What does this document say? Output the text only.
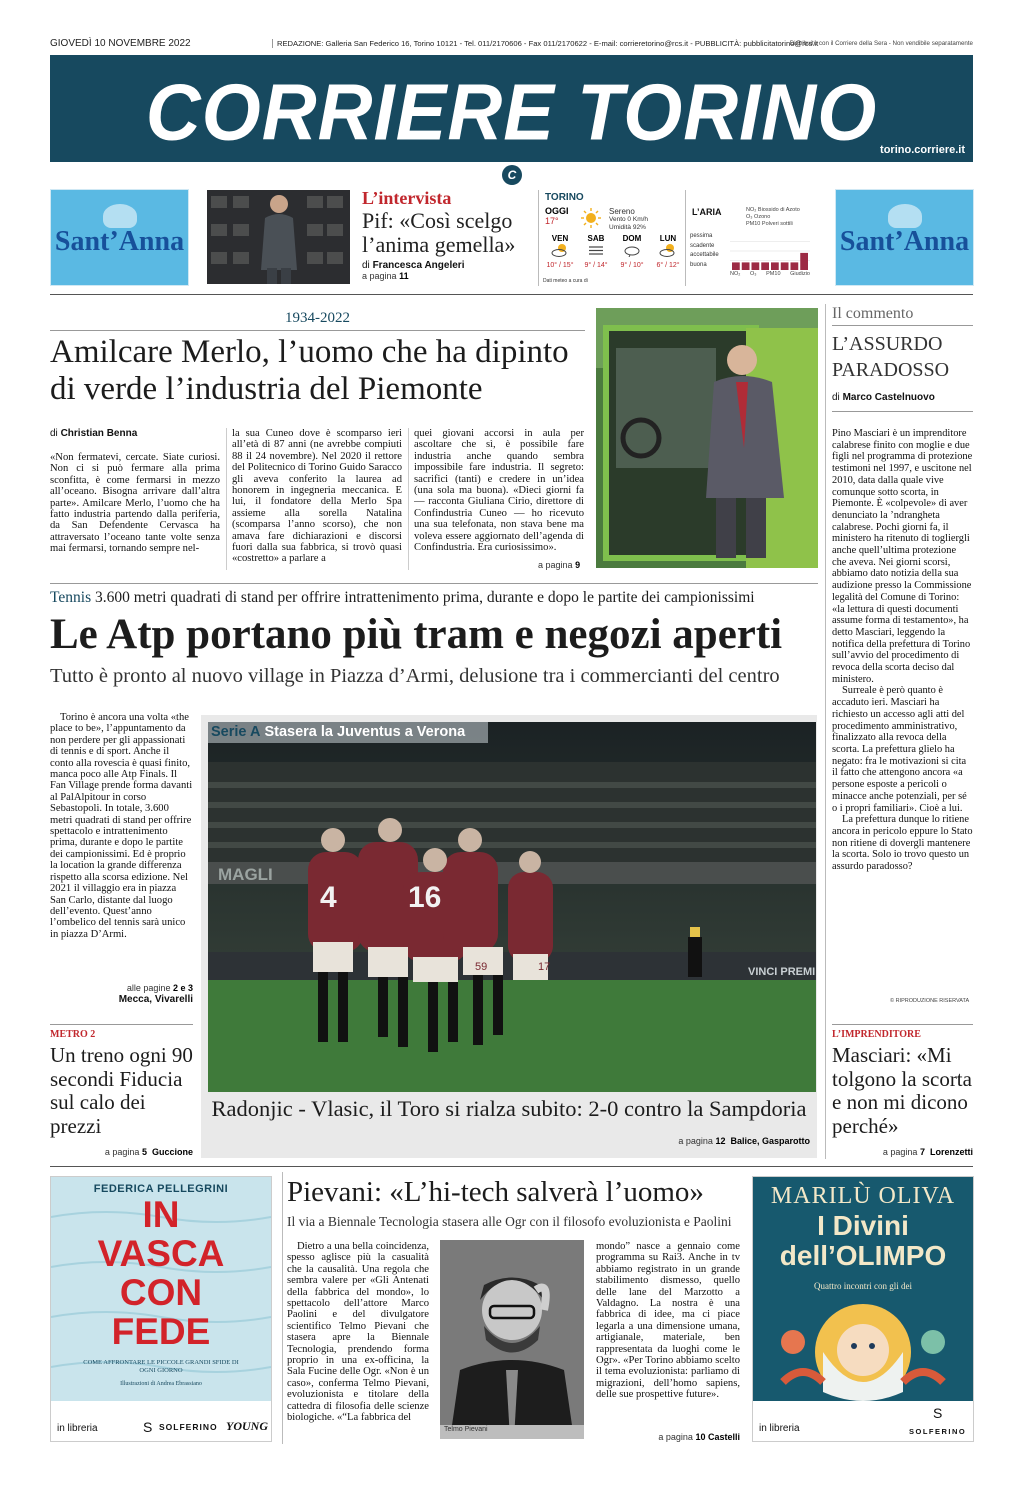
GIOVEDÌ 10 NOVEMBRE 2022	REDAZIONE: Galleria San Federico 16, Torino 10121 - Tel. 011/2170606 - Fax 011/2170622 - E-mail: corrieretorino@rcs.it - PUBBLICITÀ: pubblicitatorino@rcs.it
Distribuito con il Corriere della Sera - Non vendibile separatamente
CORRIERE TORINO torino.corriere.it
C
Sant’Anna
L’intervista
Pif: «Così scelgo l’anima gemella»
di Francesca Angeleri
a pagina 11
TORINO
OGGI
17°
Sereno
Vento 0 Km/h
Umidità 92%
VEN
10° / 15°
SAB
9° / 14°
DOM
9° / 10°
LUN
6° / 12°
Dati meteo a cura di
L’ARIA	NO₂ Biossido di Azoto
O₃ Ozono
PM10 Polveri sottili
pessima
scadente
accettabile
buona
NO₂ O₃ PM10 Giudizio
Sant’Anna
1934-2022
Amilcare Merlo, l’uomo che ha dipinto di verde l’industria del Piemonte
di Christian Benna
«Non fermatevi, cercate. Siate curiosi. Non ci si può fermare alla prima sconfitta, è come fermarsi in mezzo all’oceano. Bisogna arrivare dall’altra parte». Amilcare Merlo, l’uomo che ha fatto industria partendo dalla periferia, da San Defendente Cervasca ha attraversato l’oceano tante volte senza mai fermarsi, tornando sempre nel-
la sua Cuneo dove è scomparso ieri all’età di 87 anni (ne avrebbe compiuti 88 il 24 novembre). Nel 2020 il rettore del Politecnico di Torino Guido Saracco gli aveva conferito la laurea ad honorem in ingegneria meccanica. E lui, il fondatore della Merlo Spa assieme alla sorella Natalina (scomparsa l’anno scorso), che non amava fare dichiarazioni e discorsi fuori dalla sua fabbrica, si trovò quasi «costretto» a parlare a
quei giovani accorsi in aula per ascoltare che sì, è possibile fare industria anche quando sembra impossibile fare industria. Il segreto: sacrifici (tanti) e credere in un’idea (una sola ma buona). «Dieci giorni fa — racconta Giuliana Cirio, direttore di Confindustria Cuneo — ho ricevuto una sua telefonata, non stava bene ma voleva essere aggiornato dell’agenda di Confindustria. Era curiosissimo».
a pagina 9
Il commento
L’ASSURDO PARADOSSO
di Marco Castelnuovo
Pino Masciari è un imprenditore calabrese finito con moglie e due figli nel programma di protezione testimoni nel 1997, e uscitone nel 2010, data dalla quale vive comunque sotto scorta, in Piemonte. È «colpevole» di aver denunciato la ’ndrangheta calabrese. Pochi giorni fa, il ministero ha ritenuto di togliergli anche quell’ultima protezione che aveva. Nei giorni scorsi, abbiamo dato notizia della sua audizione presso la Commissione legalità del Comune di Torino: «la lettura di questi documenti assume forma di testamento», ha detto Masciari, leggendo la notifica della prefettura di Torino sull’avvio del procedimento di revoca della scorta deciso dal ministero.
Surreale è però quanto è accaduto ieri. Masciari ha richiesto un accesso agli atti del procedimento amministrativo, finalizzato alla revoca della scorta. La prefettura glielo ha negato: fra le motivazioni si cita il fatto che attengono ancora «a persone esposte a pericoli o minacce anche potenziali, per sé o i propri familiari». Cioè a lui.
La prefettura dunque lo ritiene ancora in pericolo eppure lo Stato non ritiene di dovergli mantenere la scorta. Solo io trovo questo un assurdo paradosso?
© RIPRODUZIONE RISERVATA
Tennis 3.600 metri quadrati di stand per offrire intrattenimento prima, durante e dopo le partite dei campionissimi
Le Atp portano più tram e negozi aperti
Tutto è pronto al nuovo village in Piazza d’Armi, delusione tra i commercianti del centro
Torino è ancora una volta «the place to be», l’appuntamento da non perdere per gli appassionati di tennis e di sport. Anche il conto alla rovescia è quasi finito, manca poco alle Atp Finals. Il Fan Village prende forma davanti al PalAlpitour in corso Sebastopoli. In totale, 3.600 metri quadrati di stand per offrire spettacolo e intrattenimento prima, durante e dopo le partite dei campionissimi. Ed è proprio la location la grande differenza rispetto alla scorsa edizione. Nel 2021 il villaggio era in piazza San Carlo, distante dal luogo dell’evento. Quest’anno l’ombelico del tennis sarà unico in piazza D’Armi.
alle pagine 2 e 3
Mecca, Vivarelli
MAGLI
VINCI PREMI
4 16
59	17
Serie A Stasera la Juventus a Verona
Radonjic - Vlasic, il Toro si rialza subito: 2-0 contro la Sampdoria
a pagina 12 Balice, Gasparotto
METRO 2
Un treno ogni 90 secondi Fiducia sul calo dei prezzi
a pagina 5 Guccione
L’IMPRENDITORE
Masciari: «Mi tolgono la scorta e non mi dicono perché»
a pagina 7 Lorenzetti
FEDERICA PELLEGRINI
IN
VASCA
CON
FEDE
COME AFFRONTARE LE PICCOLE GRANDI SFIDE DI OGNI GIORNO
Illustrazioni di Andrea Ebrassiano
in libreria	S SOLFERINO YOUNG
Pievani: «L’hi-tech salverà l’uomo»
Il via a Biennale Tecnologia stasera alle Ogr con il filosofo evoluzionista e Paolini
Dietro a una bella coincidenza, spesso aglisce più la casualità che la causalità. Una regola che sembra valere per «Gli Antenati della fabbrica del mondo», lo spettacolo dell’attore Marco Paolini e del divulgatore scientifico Telmo Pievani che stasera apre la Biennale Tecnologia, prendendo forma proprio in una ex-officina, la Sala Fucine delle Ogr. «Non è un caso», conferma Telmo Pievani, evoluzionista e titolare della cattedra di filosofia delle scienze biologiche. «“La fabbrica del
Telmo Pievani
mondo” nasce a gennaio come programma su Rai3. Anche in tv abbiamo registrato in un grande stabilimento dismesso, quello delle lane del Marzotto a Valdagno. La nostra è una fabbrica di idee, ma ci piace legarla a una dimensione umana, artigianale, materiale, ben rappresentata da luoghi come le Ogr». «Per Torino abbiamo scelto il tema evoluzionista: parliamo di migrazioni, dell’homo sapiens, delle sue prospettive future».
a pagina 10 Castelli
MARILÙ OLIVA
I Divini dell’OLIMPO
Quattro incontri con gli dei
in libreria
S
SOLFERINO
